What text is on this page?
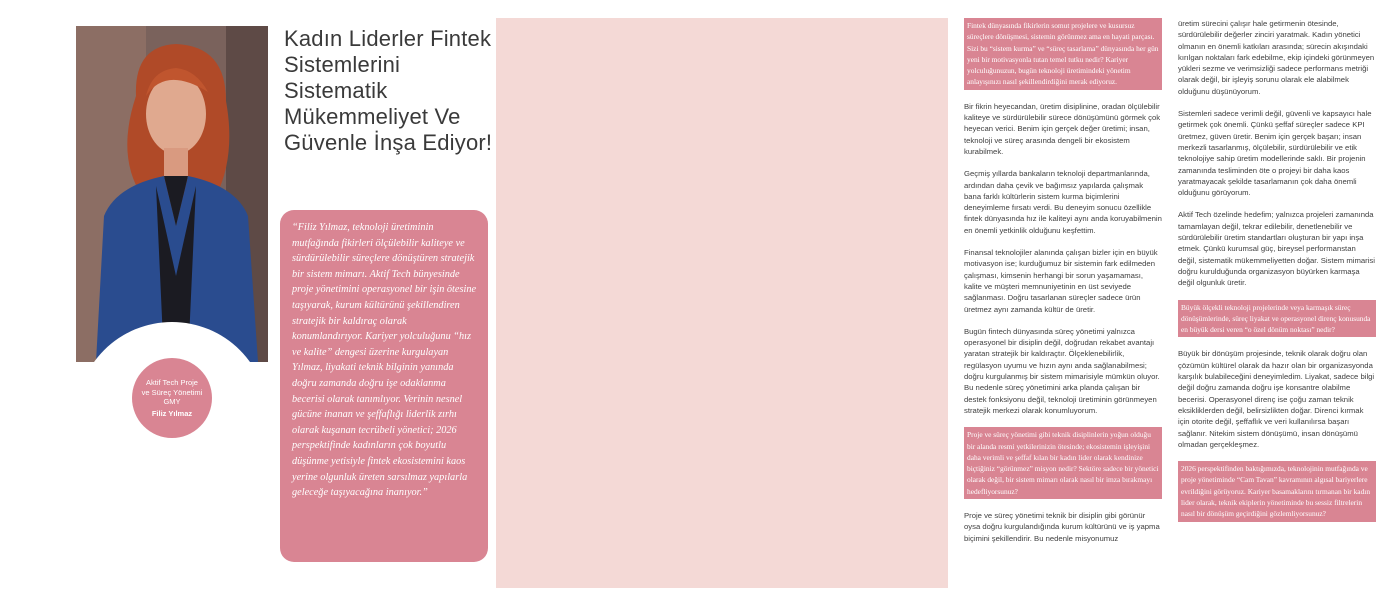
Aktif Tech Proje
ve Süreç Yönetimi
GMY
Filiz Yılmaz
Kadın Liderler Fintek Sistemlerini Sistematik Mükemmeliyet Ve Güvenle İnşa Ediyor!
“Filiz Yılmaz, teknoloji üretiminin mutfağında fikirleri ölçülebilir kaliteye ve sürdürülebilir süreçlere dönüştüren stratejik bir sistem mimarı. Aktif Tech bünyesinde proje yönetimini operasyonel bir işin ötesine taşıyarak, kurum kültürünü şekillendiren stratejik bir kaldıraç olarak konumlandırıyor. Kariyer yolculuğunu “hız ve kalite” dengesi üzerine kurgulayan Yılmaz, liyakati teknik bilginin yanında doğru zamanda doğru işe odaklanma becerisi olarak tanımlıyor. Verinin nesnel gücüne inanan ve şeffaflığı liderlik zırhı olarak kuşanan tecrübeli yönetici; 2026 perspektifinde kadınların çok boyutlu düşünme yetisiyle fintek ekosistemini kaos yerine olgunluk üreten sarsılmaz yapılarla geleceğe taşıyacağına inanıyor.”

Fintek dünyasında fikirlerin somut projelere ve kusursuz süreçlere dönüşmesi, sistemin görünmez ama en hayati parçası. Sizi bu “sistem kurma” ve “süreç tasarlama” dünyasında her gün yeni bir motivasyonla tutan temel tutku nedir? Kariyer yolculuğunuzun, bugün teknoloji üretimindeki yönetim anlayışınızı nasıl şekillendirdiğini merak ediyoruz.

Bir fikrin heyecandan, üretim disiplinine, oradan ölçülebilir kaliteye ve sürdürülebilir sürece dönüşümünü görmek çok heyecan verici. Benim için gerçek değer üretimi; insan, teknoloji ve süreç arasında dengeli bir ekosistem kurabilmek.

Geçmiş yıllarda bankaların teknoloji departmanlarında, ardından daha çevik ve bağımsız yapılarda çalışmak bana farklı kültürlerin sistem kurma biçimlerini deneyimleme fırsatı verdi. Bu deneyim sonucu özellikle fintek dünyasında hız ile kaliteyi aynı anda koruyabilmenin en önemli yetkinlik olduğunu keşfettim.

Finansal teknolojiler alanında çalışan bizler için en büyük motivasyon ise; kurduğumuz bir sistemin fark edilmeden çalışması, kimsenin herhangi bir sorun yaşamaması, kalite ve müşteri memnuniyetinin en üst seviyede sağlanması. Doğru tasarlanan süreçler sadece ürün üretmez aynı zamanda kültür de üretir.

Bugün fintech dünyasında süreç yönetimi yalnızca operasyonel bir disiplin değil, doğrudan rekabet avantajı yaratan stratejik bir kaldıraçtır. Ölçeklenebilirlik, regülasyon uyumu ve hızın aynı anda sağlanabilmesi; doğru kurgulanmış bir sistem mimarisiyle mümkün oluyor. Bu nedenle süreç yönetimini arka planda çalışan bir destek fonksiyonu değil, teknoloji üretiminin görünmeyen stratejik merkezi olarak konumluyorum.

Proje ve süreç yönetimi gibi teknik disiplinlerin yoğun olduğu bir alanda resmi yetkilerinizin ötesinde; ekosistemin işleyişini daha verimli ve şeffaf kılan bir kadın lider olarak kendinize biçtiğiniz “görünmez” misyon nedir? Sektöre sadece bir yönetici olarak değil, bir sistem mimarı olarak nasıl bir imza bırakmayı hedefliyorsunuz?

Proje ve süreç yönetimi teknik bir disiplin gibi görünür oysa doğru kurgulandığında kurum kültürünü ve iş yapma biçimini şekillendirir. Bu nedenle misyonumuz

üretim sürecini çalışır hale getirmenin ötesinde, sürdürülebilir değerler zinciri yaratmak. Kadın yönetici olmanın en önemli katkıları arasında; sürecin akışındaki kırılgan noktaları fark edebilme, ekip içindeki görünmeyen yükleri sezme ve verimsizliği sadece performans metriği olarak değil, bir işleyiş sorunu olarak ele alabilmek olduğunu düşünüyorum.

Sistemleri sadece verimli değil, güvenli ve kapsayıcı hale getirmek çok önemli. Çünkü şeffaf süreçler sadece KPI üretmez, güven üretir. Benim için gerçek başarı; insan merkezli tasarlanmış, ölçülebilir, sürdürülebilir ve etik teknolojiye sahip üretim modellerinde saklı. Bir projenin zamanında tesliminden öte o projeyi bir daha kaos yaratmayacak şekilde tasarlamanın çok daha önemli olduğunu görüyorum.

Aktif Tech özelinde hedefim; yalnızca projeleri zamanında tamamlayan değil, tekrar edilebilir, denetlenebilir ve sürdürülebilir üretim standartları oluşturan bir yapı inşa etmek. Çünkü kurumsal güç, bireysel performanstan değil, sistematik mükemmeliyetten doğar. Sistem mimarisi doğru kurulduğunda organizasyon büyürken karmaşa değil olgunluk üretir.

Büyük ölçekli teknoloji projelerinde veya karmaşık süreç dönüşümlerinde, süreç liyakat ve operasyonel direnç konusunda en büyük dersi veren “o özel dönüm noktası” nedir?

Büyük bir dönüşüm projesinde, teknik olarak doğru olan çözümün kültürel olarak da hazır olan bir organizasyonda karşılık bulabileceğini deneyimledim. Liyakat, sadece bilgi değil doğru zamanda doğru işe konsantre olabilme becerisi. Operasyonel direnç ise çoğu zaman teknik eksikliklerden değil, belirsizlikten doğar. Direnci kırmak için otorite değil, şeffaflık ve veri kullanılırsa başarı sağlanır. Nitekim sistem dönüşümü, insan dönüşümü olmadan gerçekleşmez.

2026 perspektifinden baktığımızda, teknolojinin mutfağında ve proje yönetiminde “Cam Tavan” kavramının algısal bariyerlere evrildiğini görüyoruz. Kariyer basamaklarını tırmanan bir kadın lider olarak, teknik ekiplerin yönetiminde bu sessiz filtrelerin nasıl bir dönüşüm geçirdiğini gözlemliyorsunuz?
